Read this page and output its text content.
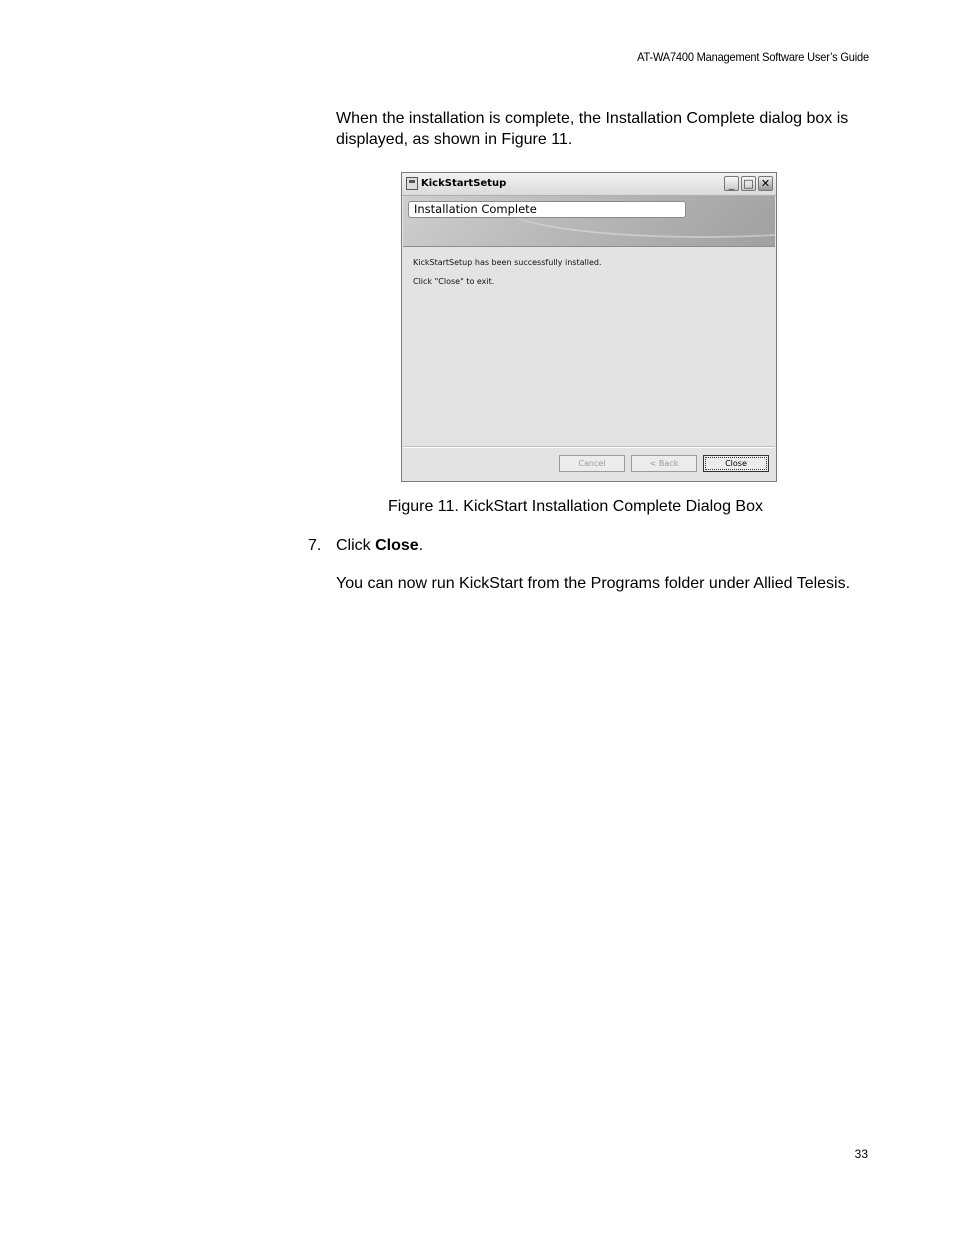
AT-WA7400 Management Software User’s Guide
When the installation is complete, the Installation Complete dialog box is displayed, as shown in Figure 11.
KickStartSetup	_ □ ✕
Installation Complete
KickStartSetup has been successfully installed.
Click "Close" to exit.
Cancel	< Back	Close
Figure 11. KickStart Installation Complete Dialog Box
7. Click Close.
You can now run KickStart from the Programs folder under Allied Telesis.
33
